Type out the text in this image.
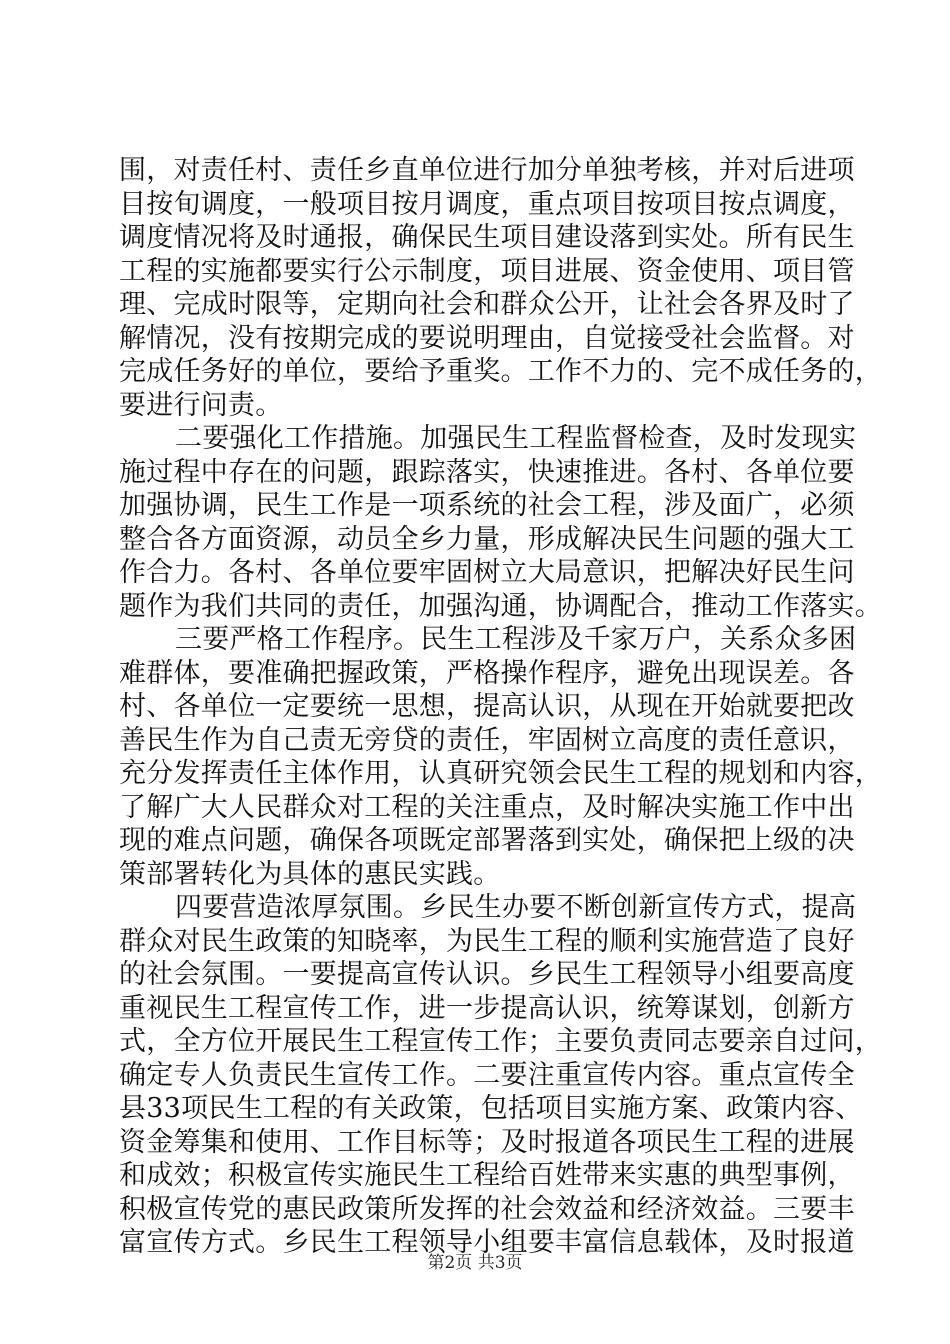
围，对责任村、责任乡直单位进行加分单独考核，并对后进项
目按旬调度，一般项目按月调度，重点项目按项目按点调度，
调度情况将及时通报，确保民生项目建设落到实处。所有民生
工程的实施都要实行公示制度，项目进展、资金使用、项目管
理、完成时限等，定期向社会和群众公开，让社会各界及时了
解情况，没有按期完成的要说明理由，自觉接受社会监督。对
完成任务好的单位，要给予重奖。工作不力的、完不成任务的，
要进行问责。
二要强化工作措施。加强民生工程监督检查，及时发现实
施过程中存在的问题，跟踪落实，快速推进。各村、各单位要
加强协调，民生工作是一项系统的社会工程，涉及面广，必须
整合各方面资源，动员全乡力量，形成解决民生问题的强大工
作合力。各村、各单位要牢固树立大局意识，把解决好民生问
题作为我们共同的责任，加强沟通，协调配合，推动工作落实。
三要严格工作程序。民生工程涉及千家万户，关系众多困
难群体，要准确把握政策，严格操作程序，避免出现误差。各
村、各单位一定要统一思想，提高认识，从现在开始就要把改
善民生作为自己责无旁贷的责任，牢固树立高度的责任意识，
充分发挥责任主体作用，认真研究领会民生工程的规划和内容，
了解广大人民群众对工程的关注重点，及时解决实施工作中出
现的难点问题，确保各项既定部署落到实处，确保把上级的决
策部署转化为具体的惠民实践。
四要营造浓厚氛围。乡民生办要不断创新宣传方式，提高
群众对民生政策的知晓率，为民生工程的顺利实施营造了良好
的社会氛围。一要提高宣传认识。乡民生工程领导小组要高度
重视民生工程宣传工作，进一步提高认识，统筹谋划，创新方
式，全方位开展民生工程宣传工作；主要负责同志要亲自过问，
确定专人负责民生宣传工作。二要注重宣传内容。重点宣传全
县33项民生工程的有关政策，包括项目实施方案、政策内容、
资金筹集和使用、工作目标等；及时报道各项民生工程的进展
和成效；积极宣传实施民生工程给百姓带来实惠的典型事例，
积极宣传党的惠民政策所发挥的社会效益和经济效益。三要丰
富宣传方式。乡民生工程领导小组要丰富信息载体，及时报道
第2页 共3页
